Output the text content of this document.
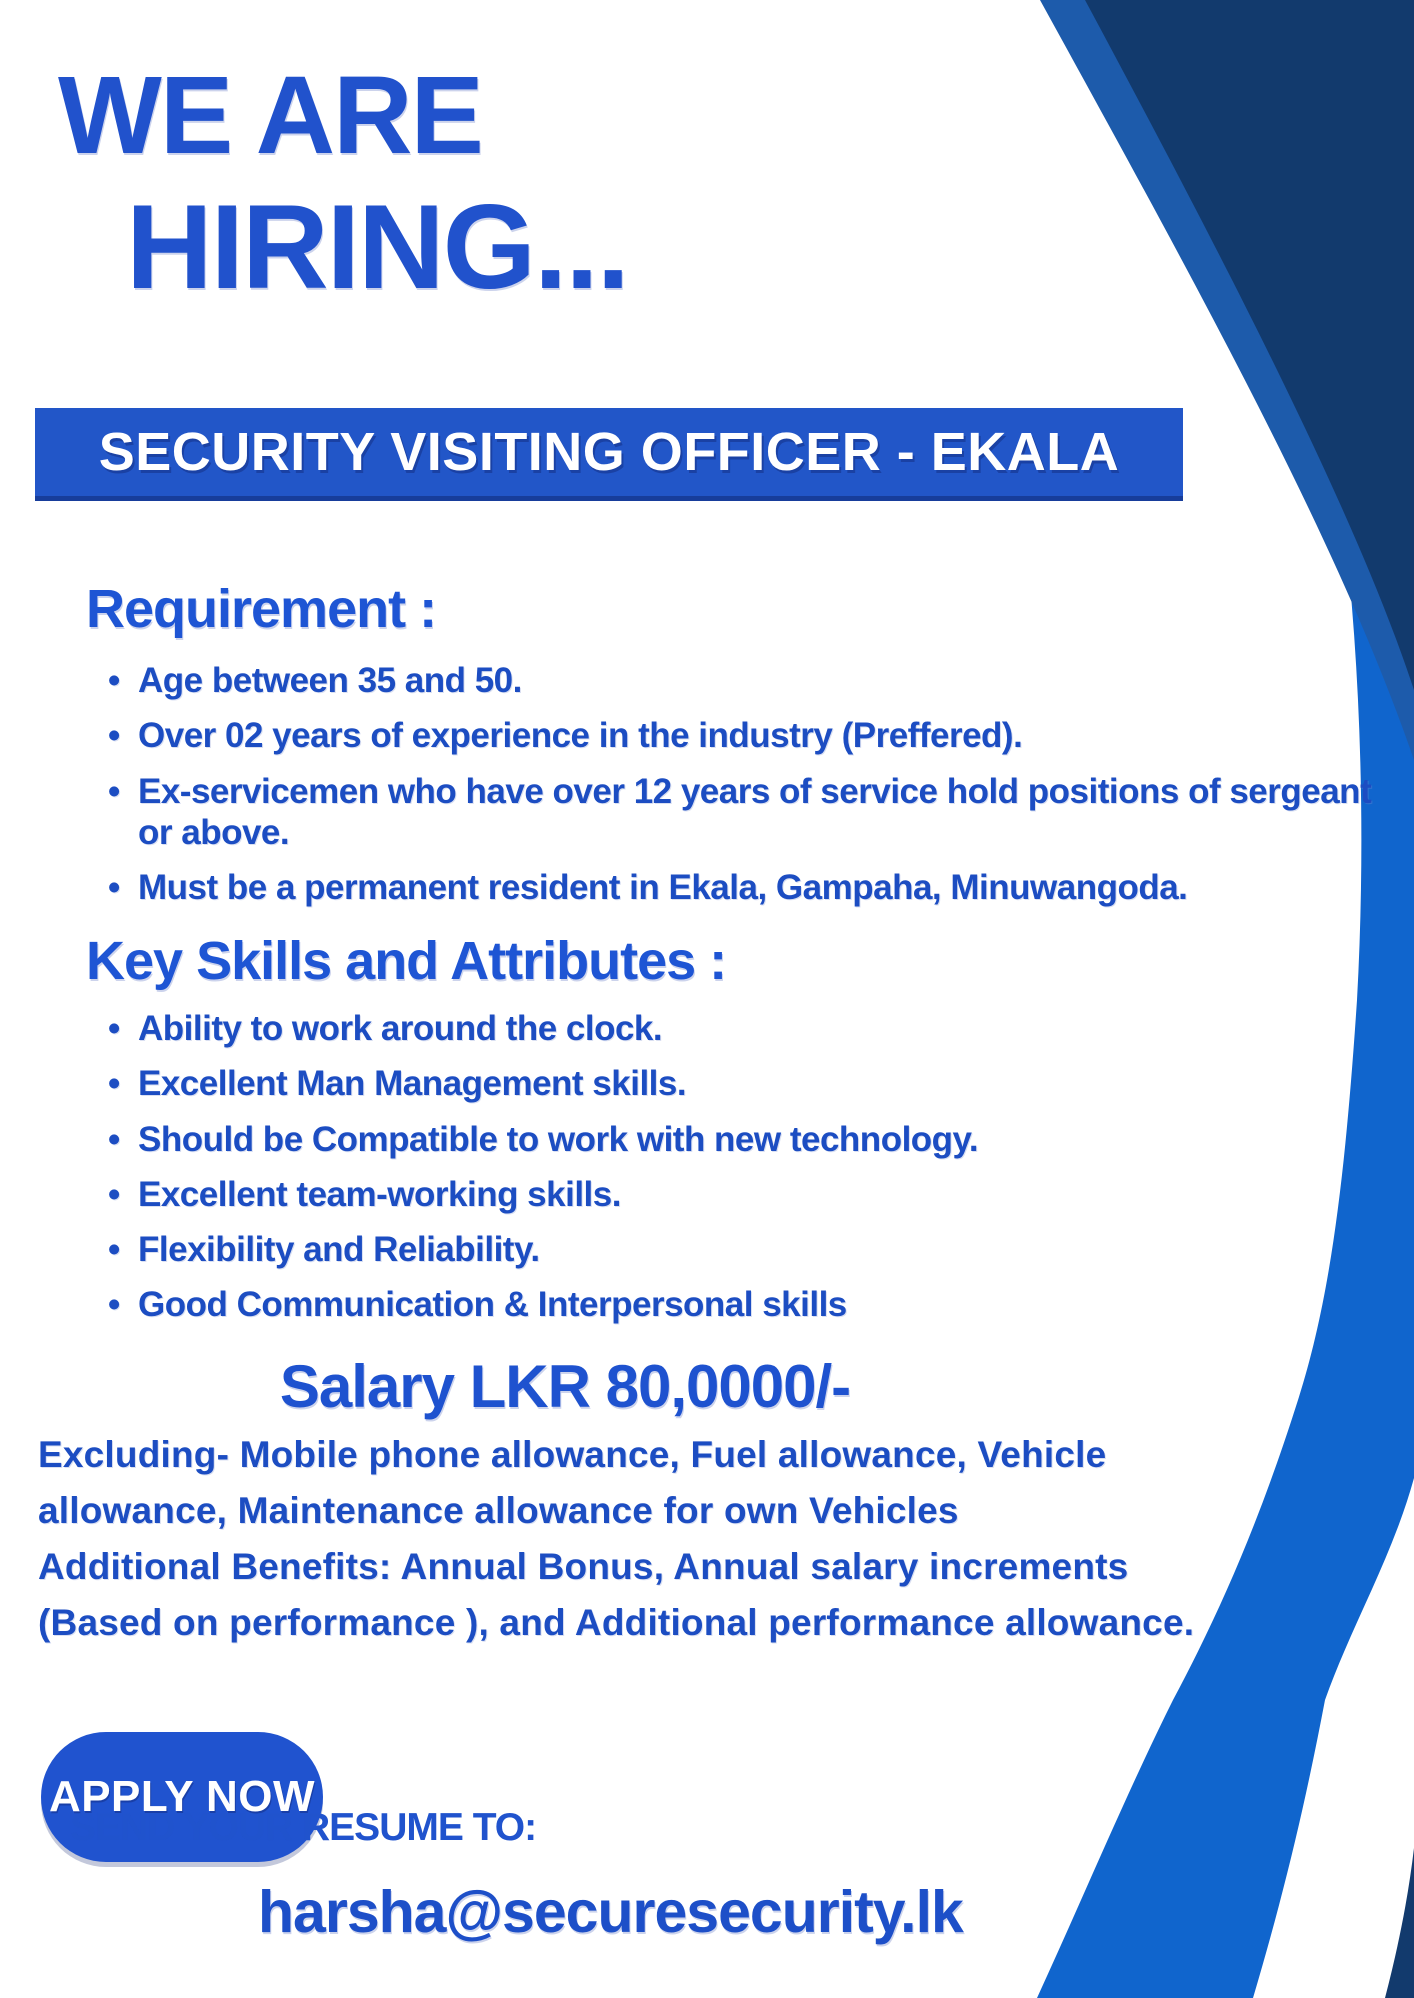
WE ARE
HIRING...
SECURITY VISITING OFFICER - EKALA
Requirement :
• Age between 35 and 50.
• Over 02 years of experience in the industry (Preffered).
• Ex-servicemen who have over 12 years of service hold positions of sergeant or above.
• Must be a permanent resident in Ekala, Gampaha, Minuwangoda.
Key Skills and Attributes :
• Ability to work around the clock.
• Excellent Man Management skills.
• Should be Compatible to work with new technology.
• Excellent team-working skills.
• Flexibility and Reliability.
• Good Communication & Interpersonal skills
Salary LKR 80,0000/-
Excluding- Mobile phone allowance, Fuel allowance, Vehicle
allowance, Maintenance allowance for own Vehicles
Additional Benefits: Annual Bonus, Annual salary increments
(Based on performance ), and Additional performance allowance.
APPLY NOW
SEND YOUR RESUME TO:
harsha@securesecurity.lk
